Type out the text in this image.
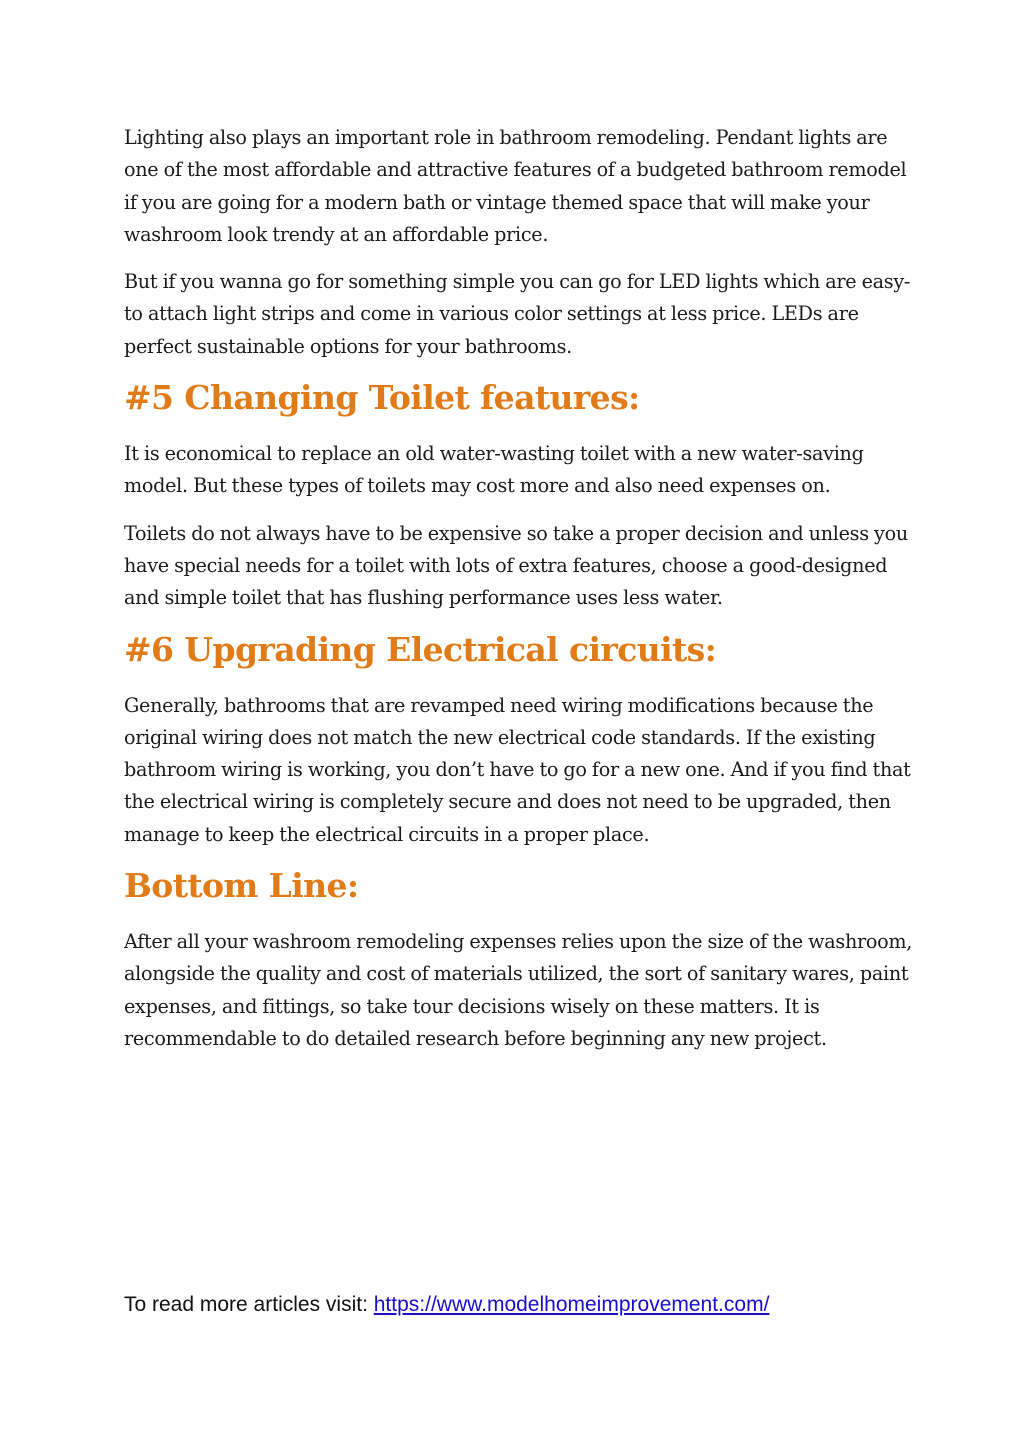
Lighting also plays an important role in bathroom remodeling. Pendant lights are one of the most affordable and attractive features of a budgeted bathroom remodel if you are going for a modern bath or vintage themed space that will make your washroom look trendy at an affordable price.

But if you wanna go for something simple you can go for LED lights which are easy-to attach light strips and come in various color settings at less price. LEDs are perfect sustainable options for your bathrooms.

#5 Changing Toilet features:

It is economical to replace an old water-wasting toilet with a new water-saving model. But these types of toilets may cost more and also need expenses on.

Toilets do not always have to be expensive so take a proper decision and unless you have special needs for a toilet with lots of extra features, choose a good-designed and simple toilet that has flushing performance uses less water.

#6 Upgrading Electrical circuits:

Generally, bathrooms that are revamped need wiring modifications because the original wiring does not match the new electrical code standards. If the existing bathroom wiring is working, you don’t have to go for a new one. And if you find that the electrical wiring is completely secure and does not need to be upgraded, then manage to keep the electrical circuits in a proper place.

Bottom Line:

After all your washroom remodeling expenses relies upon the size of the washroom, alongside the quality and cost of materials utilized, the sort of sanitary wares, paint expenses, and fittings, so take tour decisions wisely on these matters. It is recommendable to do detailed research before beginning any new project.

To read more articles visit: https://www.modelhomeimprovement.com/
